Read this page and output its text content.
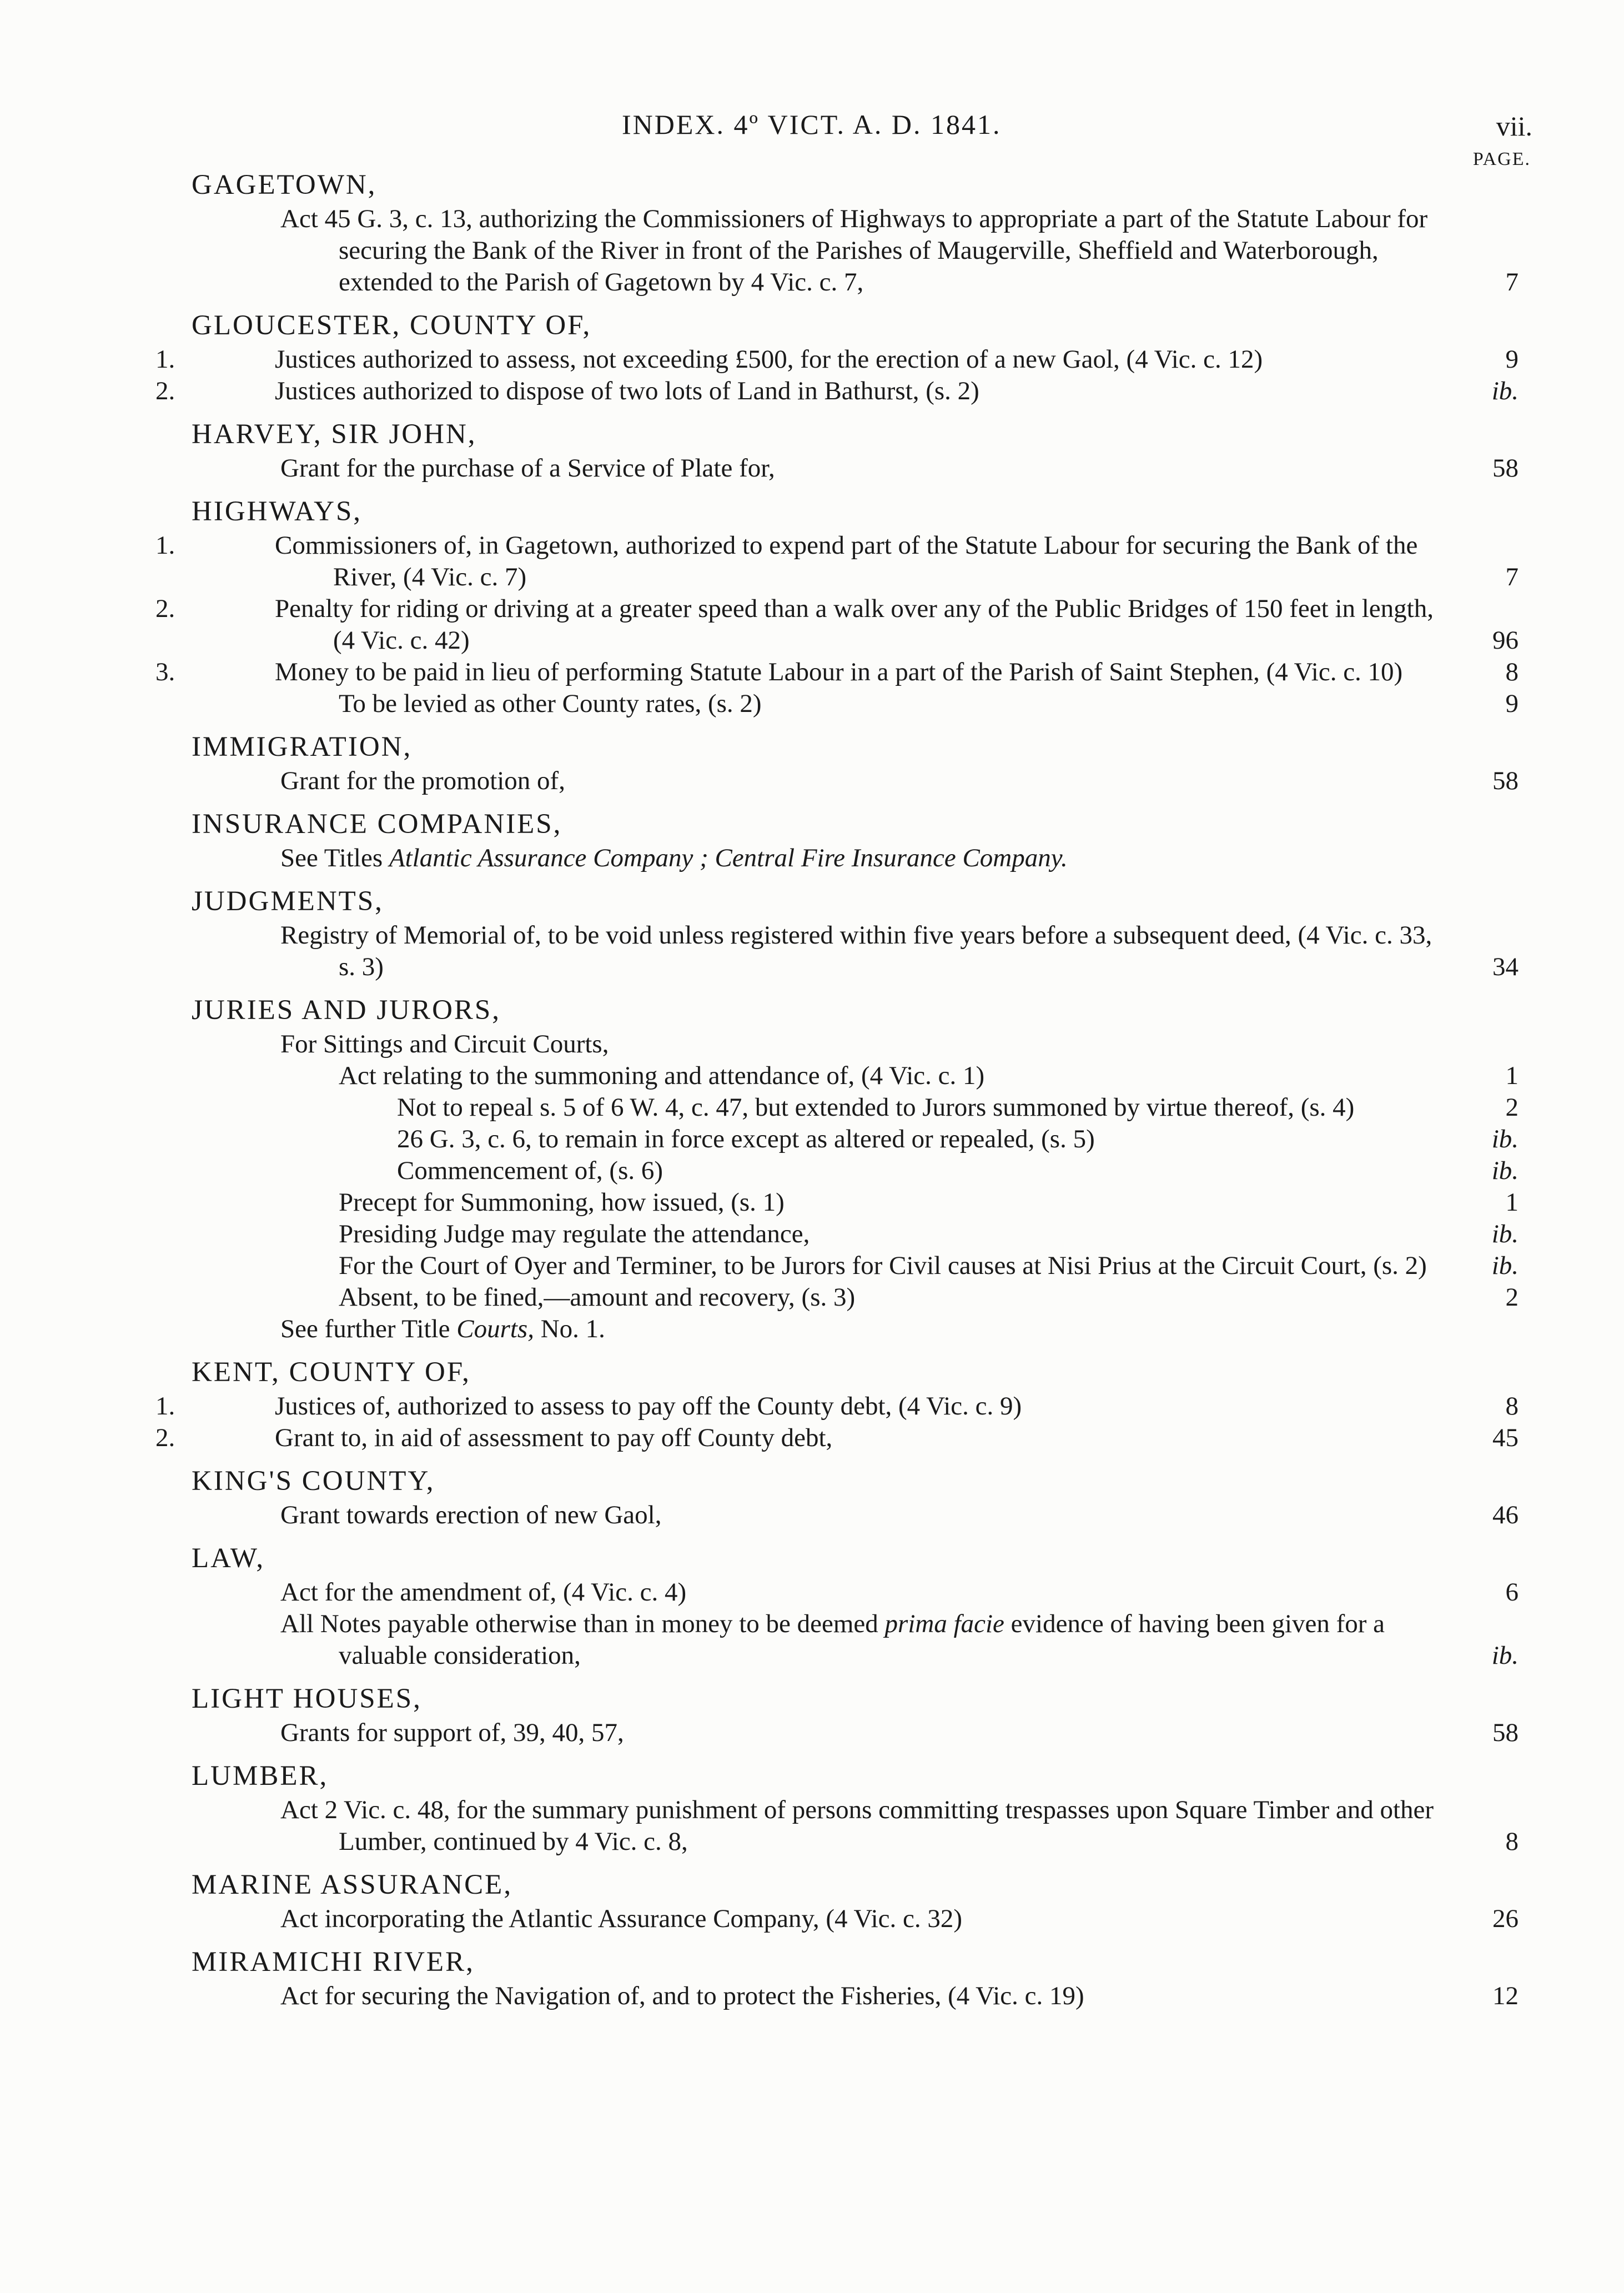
INDEX. 4º VICT. A. D. 1841.	vii.
PAGE.
GAGETOWN,
Act 45 G. 3, c. 13, authorizing the Commissioners of Highways to appropriate a part of the Statute Labour for securing the Bank of the River in front of the Parishes of Maugerville, Sheffield and Waterborough, extended to the Parish of Gagetown by 4 Vic. c. 7,	7
GLOUCESTER, COUNTY OF,
1.	Justices authorized to assess, not exceeding £500, for the erection of a new Gaol, (4 Vic. c. 12)	9
2.	Justices authorized to dispose of two lots of Land in Bathurst, (s. 2)	ib.
HARVEY, SIR JOHN,
Grant for the purchase of a Service of Plate for,	58
HIGHWAYS,
1.	Commissioners of, in Gagetown, authorized to expend part of the Statute Labour for securing the Bank of the River, (4 Vic. c. 7)	7
2.	Penalty for riding or driving at a greater speed than a walk over any of the Public Bridges of 150 feet in length, (4 Vic. c. 42)	96
3.	Money to be paid in lieu of performing Statute Labour in a part of the Parish of Saint Stephen, (4 Vic. c. 10)	8
To be levied as other County rates, (s. 2)	9
IMMIGRATION,
Grant for the promotion of,	58
INSURANCE COMPANIES,
See Titles Atlantic Assurance Company ; Central Fire Insurance Company.
JUDGMENTS,
Registry of Memorial of, to be void unless registered within five years before a subsequent deed, (4 Vic. c. 33, s. 3)	34
JURIES AND JURORS,
For Sittings and Circuit Courts,
Act relating to the summoning and attendance of, (4 Vic. c. 1)	1
Not to repeal s. 5 of 6 W. 4, c. 47, but extended to Jurors summoned by virtue thereof, (s. 4)	2
26 G. 3, c. 6, to remain in force except as altered or repealed, (s. 5)	ib.
Commencement of, (s. 6)	ib.
Precept for Summoning, how issued, (s. 1)	1
Presiding Judge may regulate the attendance,	ib.
For the Court of Oyer and Terminer, to be Jurors for Civil causes at Nisi Prius at the Circuit Court, (s. 2)	ib.
Absent, to be fined,—amount and recovery, (s. 3)	2
See further Title Courts, No. 1.
KENT, COUNTY OF,
1.	Justices of, authorized to assess to pay off the County debt, (4 Vic. c. 9)	8
2.	Grant to, in aid of assessment to pay off County debt,	45
KING'S COUNTY,
Grant towards erection of new Gaol,	46
LAW,
Act for the amendment of, (4 Vic. c. 4)	6
All Notes payable otherwise than in money to be deemed prima facie evidence of having been given for a valuable consideration,	ib.
LIGHT HOUSES,
Grants for support of, 39, 40, 57,	58
LUMBER,
Act 2 Vic. c. 48, for the summary punishment of persons committing trespasses upon Square Timber and other Lumber, continued by 4 Vic. c. 8,	8
MARINE ASSURANCE,
Act incorporating the Atlantic Assurance Company, (4 Vic. c. 32)	26
MIRAMICHI RIVER,
Act for securing the Navigation of, and to protect the Fisheries, (4 Vic. c. 19)	12
